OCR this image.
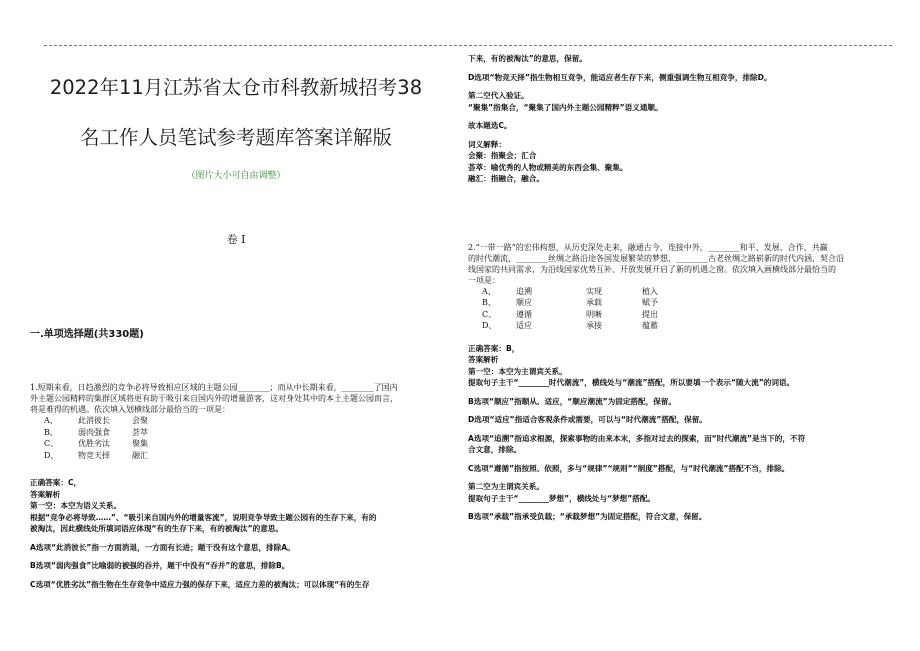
2022年11月江苏省太仓市科教新城招考38
名工作人员笔试参考题库答案详解版
（图片大小可自由调整）
卷 I
一.单项选择题(共330题)
1.短期来看，日趋激烈的竞争必将导致相应区域的主题公园________；而从中长期来看，________了国内
外主题公园精粹的集群区域将更有助于吸引来自国内外的增量游客，这对身处其中的本土主题公园而言，
将是难得的机遇。依次填入划横线部分最恰当的一项是：
A、	此消彼长	会聚
B、	弱肉强食	荟萃
C、	优胜劣汰	聚集
D、	物竞天择	融汇
正确答案：C，
答案解析
第一空：本空为语义关系。
根据“竞争必将导致……”、“吸引来自国内外的增量客流”，说明竞争导致主题公园有的生存下来，有的
被淘汰，因此横线处所填词语应体现“有的生存下来，有的被淘汰”的意思。
A选项“此消彼长”指一方面消退，一方面有长进；题干没有这个意思，排除A。
B选项“弱肉强食”比喻弱的被强的吞并，题干中没有“吞并”的意思，排除B。
C选项“优胜劣汰”指生物在生存竞争中适应力强的保存下来，适应力差的被淘汰；可以体现“有的生存
下来，有的被淘汰”的意思，保留。
D选项“物竞天择”指生物相互竞争，能适应者生存下来，侧重强调生物互相竞争，排除D。
第二空代入验证。
“聚集”指集合，“聚集了国内外主题公园精粹”语义通顺。
故本题选C。
词义解释：
会聚：指聚会；汇合
荟萃：喻优秀的人物或精美的东西会集、聚集。
融汇：指融合，融合。
2.“一带一路”的宏伟构想，从历史深处走来，融通古今、连接中外，________和平、发展、合作、共赢
的时代潮流，________丝绸之路沿途各国发展繁荣的梦想，________古老丝绸之路崭新的时代内涵，契合沿
线国家的共同需求，为沿线国家优势互补、开放发展开启了新的机遇之窗。依次填入画横线部分最恰当的
一项是：
A、	追溯	实现	植入
B、	顺应	承载	赋予
C、	遵循	明晰	提出
D、	适应	承接	蕴蓄
正确答案：B，
答案解析
第一空：本空为主谓宾关系。
提取句子主干“________时代潮流”，横线处与“潮流”搭配，所以要填一个表示“随大流”的词语。
B选项“顺应”指顺从、适应，“顺应潮流”为固定搭配，保留。
D选项“适应”指适合客观条件或需要，可以与“时代潮流”搭配，保留。
A选项“追溯”指追求根源，探索事物的由来本末，多指对过去的探索，而“时代潮流”是当下的，不符
合文意，排除。
C选项“遵循”指按照、依照，多与“规律”“规则”“制度”搭配，与“时代潮流”搭配不当，排除。
第二空为主谓宾关系。
提取句子主干“________梦想”，横线处与“梦想”搭配。
B选项“承载”指承受负载；“承载梦想”为固定搭配，符合文意，保留。
